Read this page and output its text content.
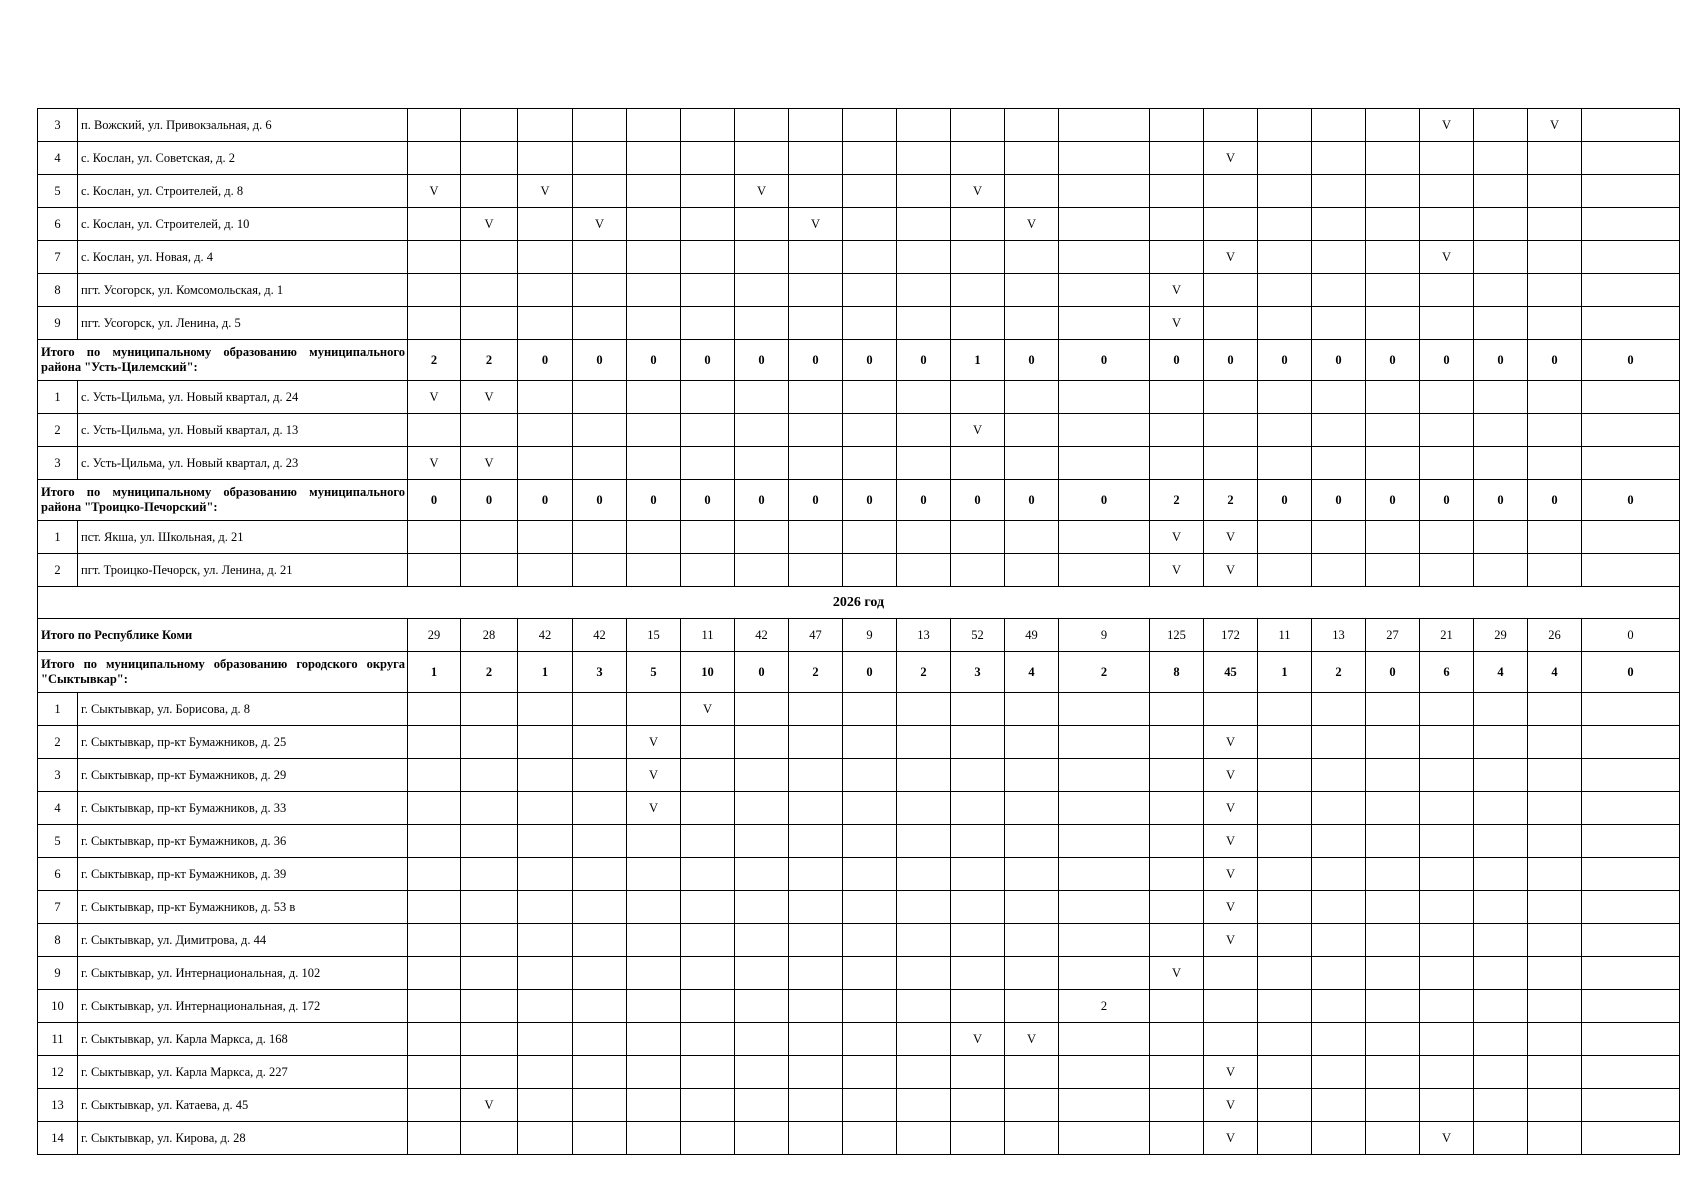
3	п. Вожский, ул. Привокзальная, д. 6																			V		V	
4	с. Кослан, ул. Советская, д. 2															V							
5	с. Кослан, ул. Строителей, д. 8	V		V				V				V											
6	с. Кослан, ул. Строителей, д. 10		V		V				V				V										
7	с. Кослан, ул. Новая, д. 4															V				V			
8	пгт. Усогорск, ул. Комсомольская, д. 1														V								
9	пгт. Усогорск, ул. Ленина, д. 5														V								
Итого по муниципальному образованию муниципального района "Усть-Цилемский":		2	2	0	0	0	0	0	0	0	0	1	0	0	0	0	0	0	0	0	0	0	0
1	с. Усть-Цильма, ул. Новый квартал, д. 24	V	V																				
2	с. Усть-Цильма, ул. Новый квартал, д. 13											V											
3	с. Усть-Цильма, ул. Новый квартал, д. 23	V	V																				
Итого по муниципальному образованию муниципального района "Троицко-Печорский":		0	0	0	0	0	0	0	0	0	0	0	0	0	2	2	0	0	0	0	0	0	0
1	пст. Якша, ул. Школьная, д. 21														V	V							
2	пгт. Троицко-Печорск, ул. Ленина, д. 21														V	V							
2026 год																							
Итого по Республике Коми		29	28	42	42	15	11	42	47	9	13	52	49	9	125	172	11	13	27	21	29	26	0
Итого по муниципальному образованию городского округа "Сыктывкар":		1	2	1	3	5	10	0	2	0	2	3	4	2	8	45	1	2	0	6	4	4	0
1	г. Сыктывкар, ул. Борисова, д. 8						V																
2	г. Сыктывкар, пр-кт Бумажников, д. 25					V										V							
3	г. Сыктывкар, пр-кт Бумажников, д. 29					V										V							
4	г. Сыктывкар, пр-кт Бумажников, д. 33					V										V							
5	г. Сыктывкар, пр-кт Бумажников, д. 36															V							
6	г. Сыктывкар, пр-кт Бумажников, д. 39															V							
7	г. Сыктывкар, пр-кт Бумажников, д. 53 в															V							
8	г. Сыктывкар, ул. Димитрова, д. 44															V							
9	г. Сыктывкар, ул. Интернациональная, д. 102														V								
10	г. Сыктывкар, ул. Интернациональная, д. 172													2									
11	г. Сыктывкар, ул. Карла Маркса, д. 168											V	V										
12	г. Сыктывкар, ул. Карла Маркса, д. 227															V							
13	г. Сыктывкар, ул. Катаева, д. 45		V													V							
14	г. Сыктывкар, ул. Кирова, д. 28															V				V			
